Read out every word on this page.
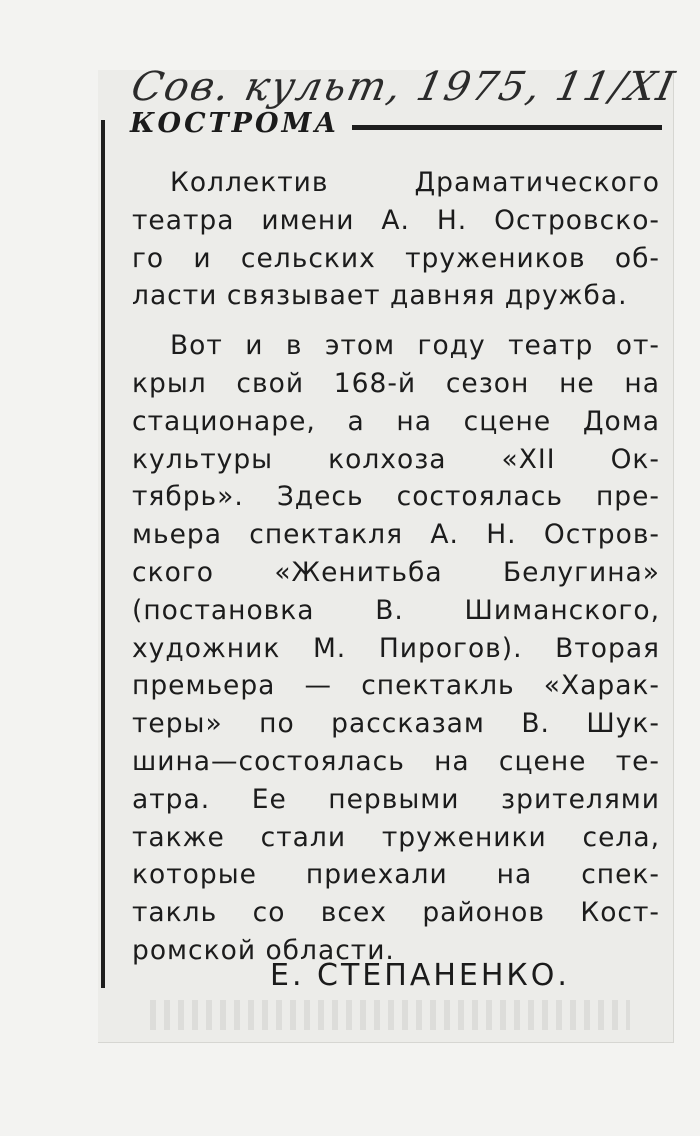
Сов. культ, 1975, 11/XI
КОСТРОМА
Коллектив Драматического
театра имени А. Н. Островско-
го и сельских тружеников об-
ласти связывает давняя дружба.
Вот и в этом году театр от-
крыл свой 168-й сезон не на
стационаре, а на сцене Дома
культуры колхоза «XII Ок-
тябрь». Здесь состоялась пре-
мьера спектакля А. Н. Остров-
ского «Женитьба Белугина»
(постановка В. Шиманского,
художник М. Пирогов). Вторая
премьера — спектакль «Харак-
теры» по рассказам В. Шук-
шина—состоялась на сцене те-
атра. Ее первыми зрителями
также стали труженики села,
которые приехали на спек-
такль со всех районов Кост-
ромской области.
Е. СТЕПАНЕНКО.
